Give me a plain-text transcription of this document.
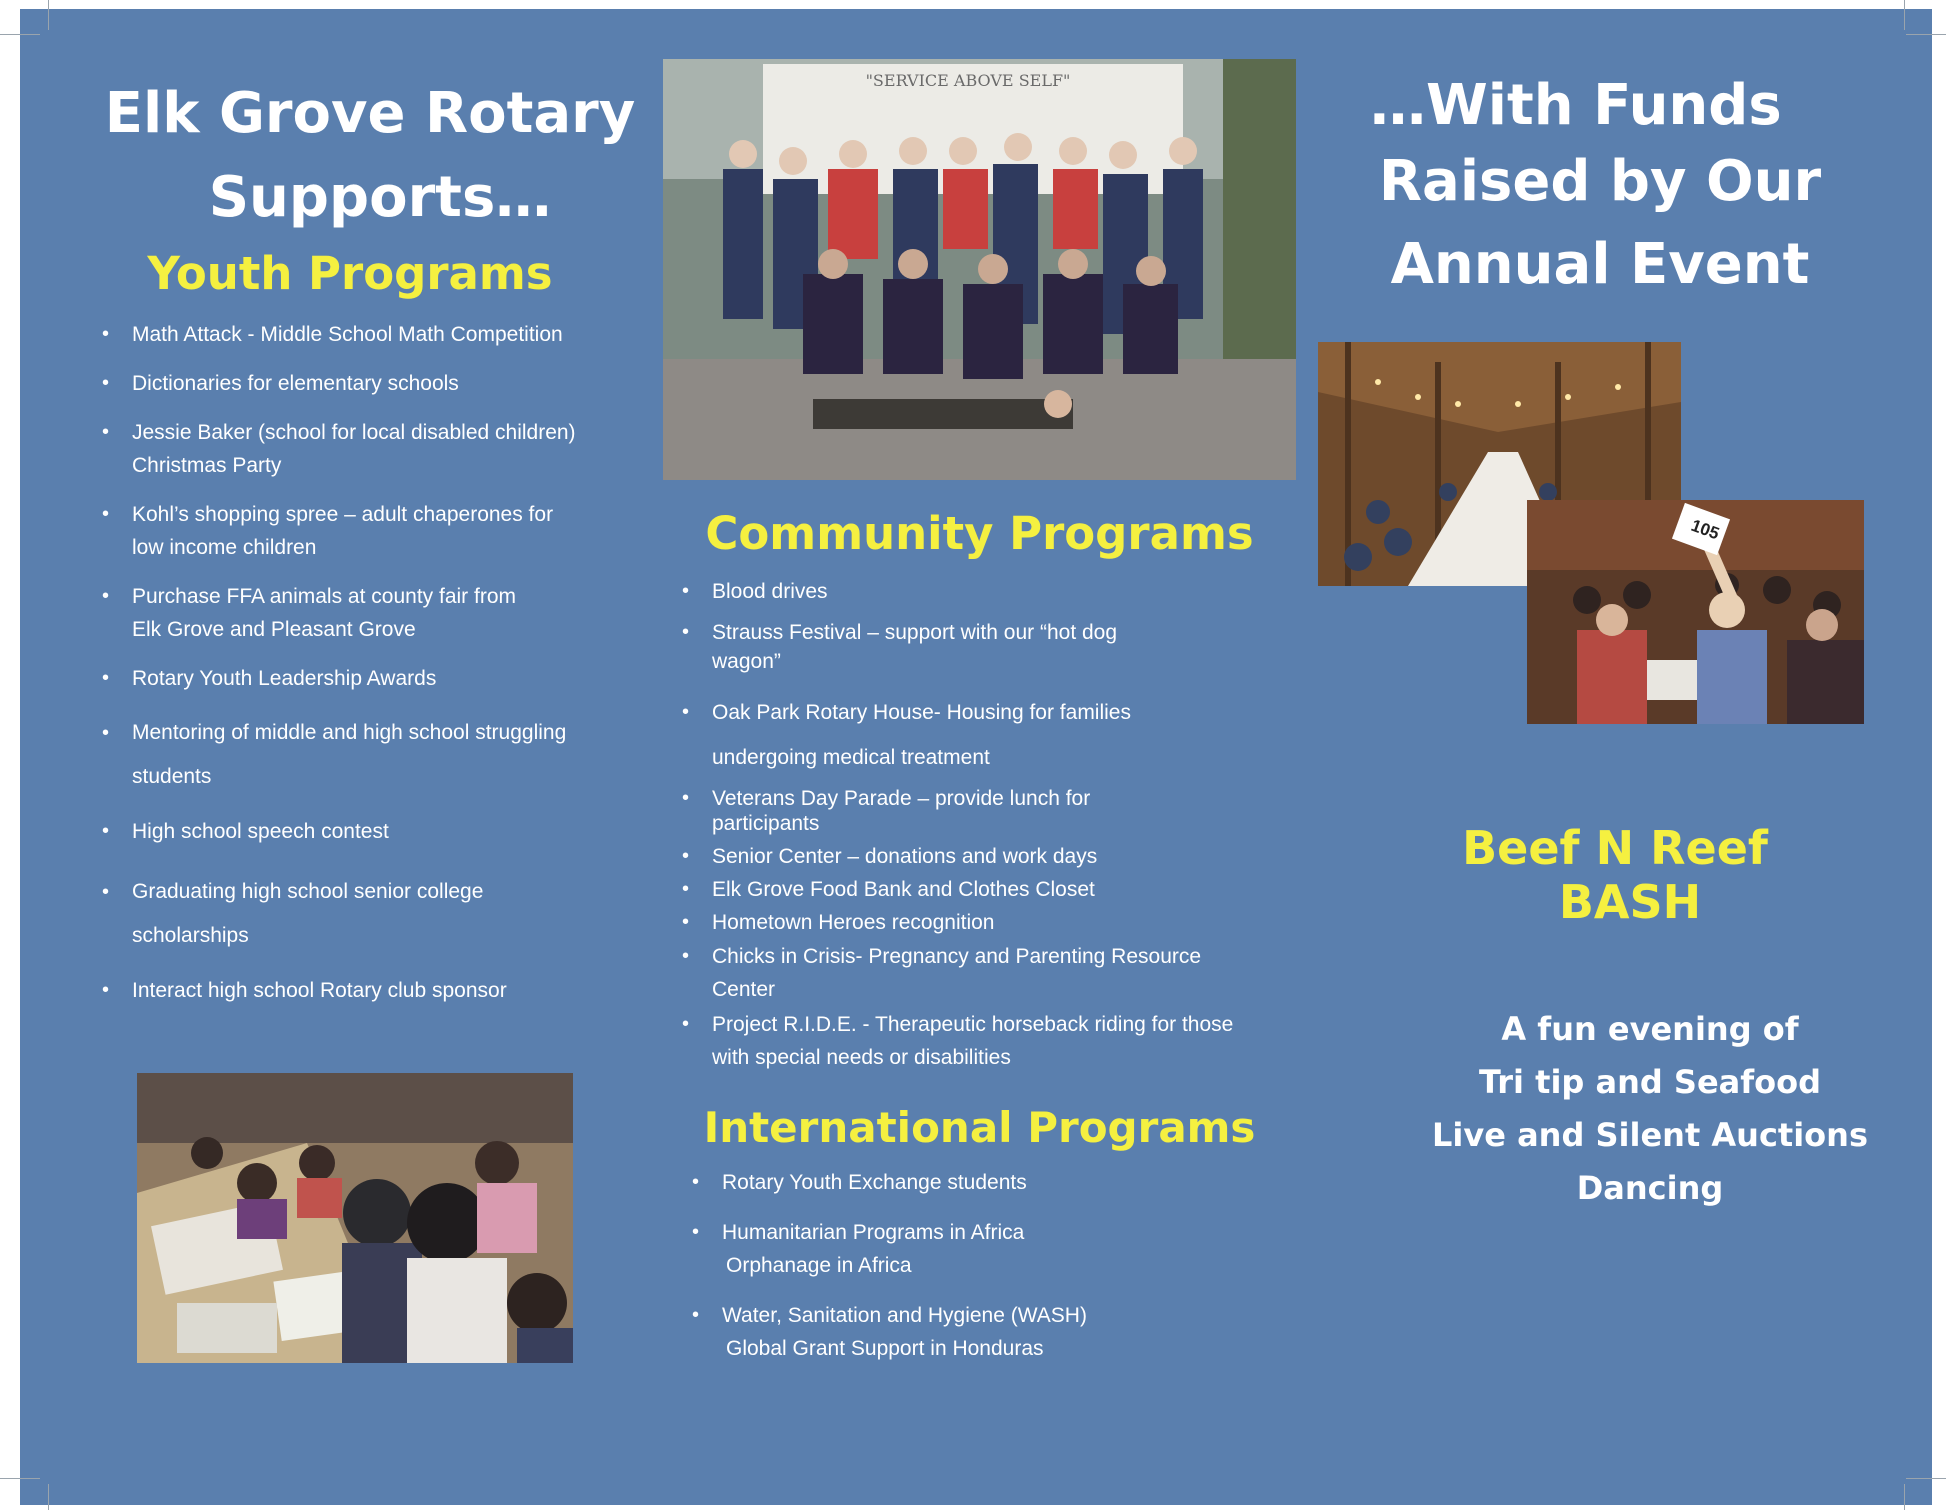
Elk Grove Rotary

Supports…

Youth Programs

• Math Attack - Middle School Math Competition
• Dictionaries for elementary schools
• Jessie Baker (school for local disabled children)
Christmas Party
• Kohl’s shopping spree – adult chaperones for
low income children
• Purchase FFA animals at county fair from
Elk Grove and Pleasant Grove
• Rotary Youth Leadership Awards
• Mentoring of middle and high school struggling
students
• High school speech contest
• Graduating high school senior college
scholarships
• Interact high school Rotary club sponsor
"SERVICE ABOVE SELF"

Community Programs

• Blood drives
• Strauss Festival – support with our “hot dog
wagon”
• Oak Park Rotary House- Housing for families
undergoing medical treatment
• Veterans Day Parade – provide lunch for
participants
• Senior Center – donations and work days
• Elk Grove Food Bank and Clothes Closet
• Hometown Heroes recognition
• Chicks in Crisis- Pregnancy and Parenting Resource
Center
• Project R.I.D.E. - Therapeutic horseback riding for those
with special needs or disabilities

International Programs

• Rotary Youth Exchange students
• Humanitarian Programs in Africa
Orphanage in Africa
• Water, Sanitation and Hygiene (WASH)
Global Grant Support in Honduras

…With Funds

Raised by Our

Annual Event

105

Beef N Reef

BASH

A fun evening of
Tri tip and Seafood
Live and Silent Auctions
Dancing
